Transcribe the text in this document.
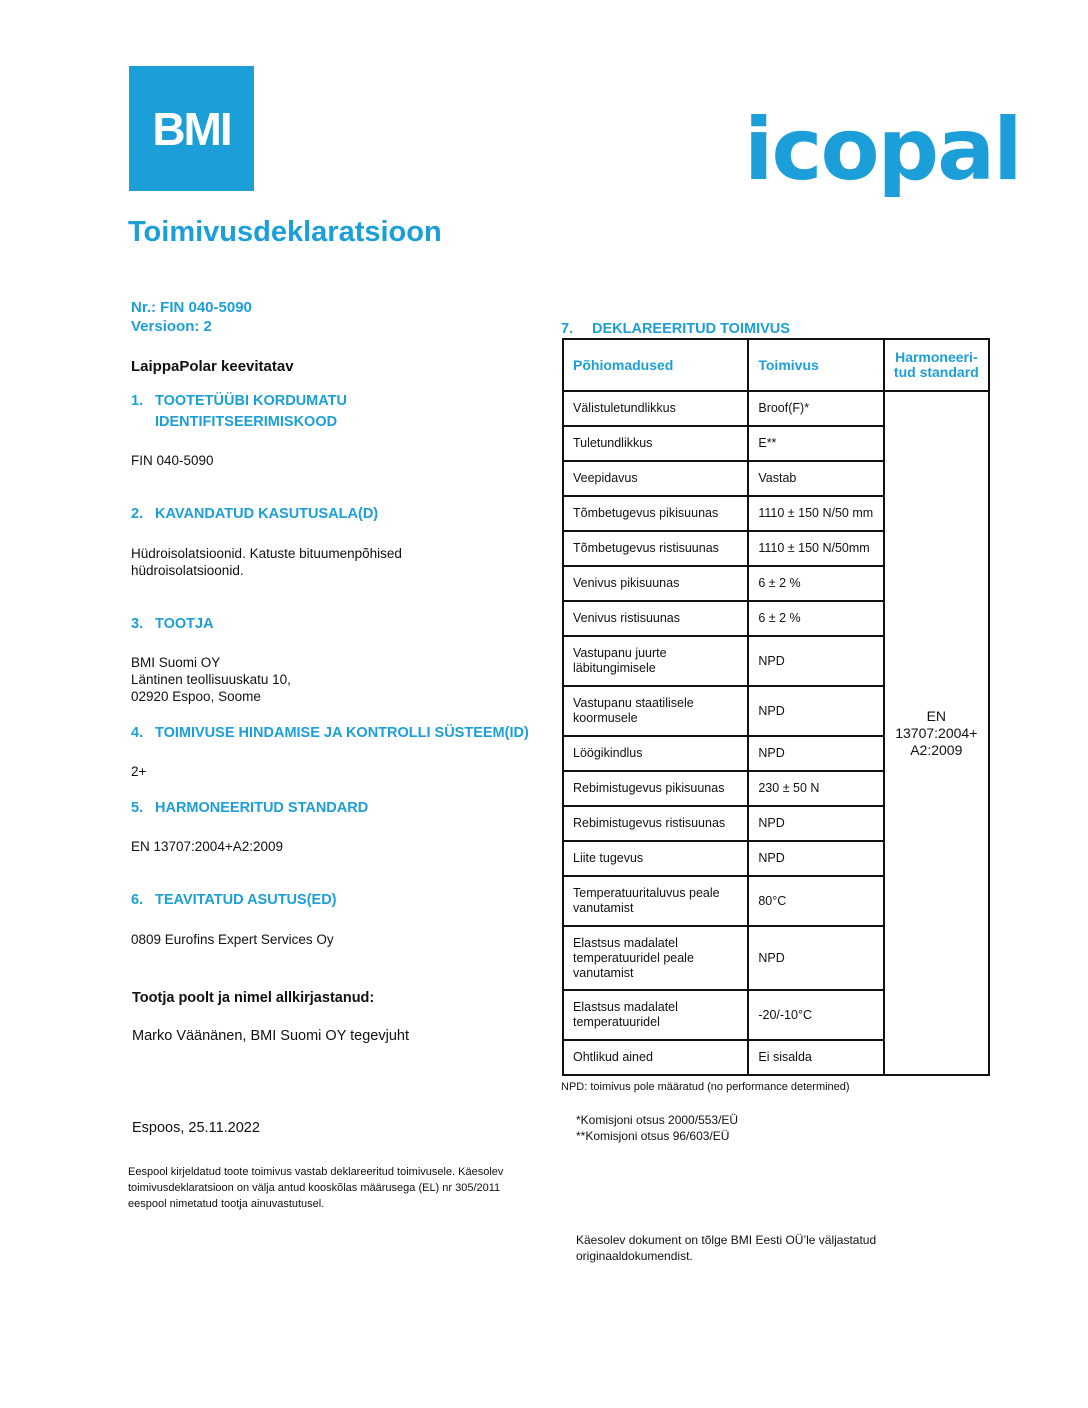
BMI	icopal
Toimivusdeklaratsioon
Nr.: FIN 040-5090
Versioon: 2
LaippaPolar keevitatav
1. TOOTETÜÜBI KORDUMATU
IDENTIFITSEERIMISKOOD
FIN 040-5090
2. KAVANDATUD KASUTUSALA(D)
Hüdroisolatsioonid. Katuste bituumenpõhised
hüdroisolatsioonid.
3. TOOTJA
BMI Suomi OY
Läntinen teollisuuskatu 10,
02920 Espoo, Soome
4. TOIMIVUSE HINDAMISE JA KONTROLLI SÜSTEEM(ID)
2+
5. HARMONEERITUD STANDARD
EN 13707:2004+A2:2009
6. TEAVITATUD ASUTUS(ED)
0809 Eurofins Expert Services Oy
Tootja poolt ja nimel allkirjastanud:
Marko Väänänen, BMI Suomi OY tegevjuht
Espoos, 25.11.2022
Eespool kirjeldatud toote toimivus vastab deklareeritud toimivusele. Käesolev
toimivusdeklaratsioon on välja antud kooskõlas määrusega (EL) nr 305/2011
eespool nimetatud tootja ainuvastutusel.
7. DEKLAREERITUD TOIMIVUS
Põhiomadused	Toimivus	Harmoneeri-
tud standard
Välistuletundlikkus	Broof(F)*	EN
13707:2004+
A2:2009
Tuletundlikkus	E**	
Veepidavus	Vastab	
Tõmbetugevus pikisuunas	1110 ± 150 N/50 mm	
Tõmbetugevus ristisuunas	1110 ± 150 N/50mm	
Venivus pikisuunas	6 ± 2 %	
Venivus ristisuunas	6 ± 2 %	
Vastupanu juurte läbitungimisele	NPD	
Vastupanu staatilisele koormusele	NPD	
Löögikindlus	NPD	
Rebimistugevus pikisuunas	230 ± 50 N	
Rebimistugevus ristisuunas	NPD	
Liite tugevus	NPD	
Temperatuuritaluvus peale vanutamist	80°C	
Elastsus madalatel temperatuuridel peale vanutamist	NPD	
Elastsus madalatel temperatuuridel	-20/-10°C	
Ohtlikud ained	Ei sisalda	
NPD: toimivus pole määratud (no performance determined)
*Komisjoni otsus 2000/553/EÜ
**Komisjoni otsus 96/603/EÜ
Käesolev dokument on tõlge BMI Eesti OÜ’le väljastatud
originaaldokumendist.
